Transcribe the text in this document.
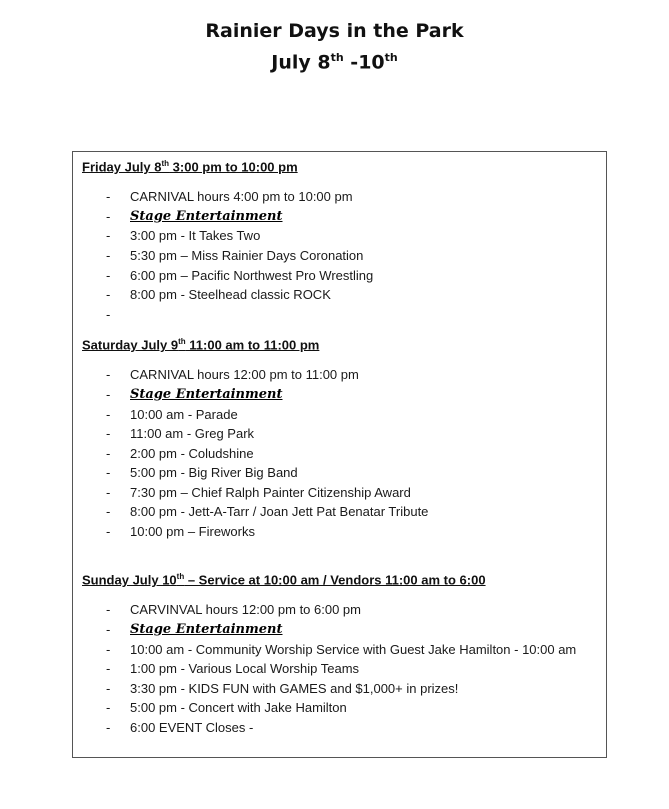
Rainier Days in the Park
July 8th -10th
Friday July 8th 3:00 pm to 10:00 pm
- CARNIVAL hours 4:00 pm to 10:00 pm
- Stage Entertainment
- 3:00 pm - It Takes Two
- 5:30 pm – Miss Rainier Days Coronation
- 6:00 pm – Pacific Northwest Pro Wrestling
- 8:00 pm - Steelhead classic ROCK
-
Saturday July 9th 11:00 am to 11:00 pm
- CARNIVAL hours 12:00 pm to 11:00 pm
- Stage Entertainment
- 10:00 am - Parade
- 11:00 am - Greg Park
- 2:00 pm - Coludshine
- 5:00 pm - Big River Big Band
- 7:30 pm – Chief Ralph Painter Citizenship Award
- 8:00 pm - Jett-A-Tarr / Joan Jett Pat Benatar Tribute
- 10:00 pm – Fireworks
Sunday July 10th – Service at 10:00 am / Vendors 11:00 am to 6:00
- CARVINVAL hours 12:00 pm to 6:00 pm
- Stage Entertainment
- 10:00 am - Community Worship Service with Guest Jake Hamilton - 10:00 am
- 1:00 pm - Various Local Worship Teams
- 3:30 pm - KIDS FUN with GAMES and $1,000+ in prizes!
- 5:00 pm - Concert with Jake Hamilton
- 6:00 EVENT Closes -
